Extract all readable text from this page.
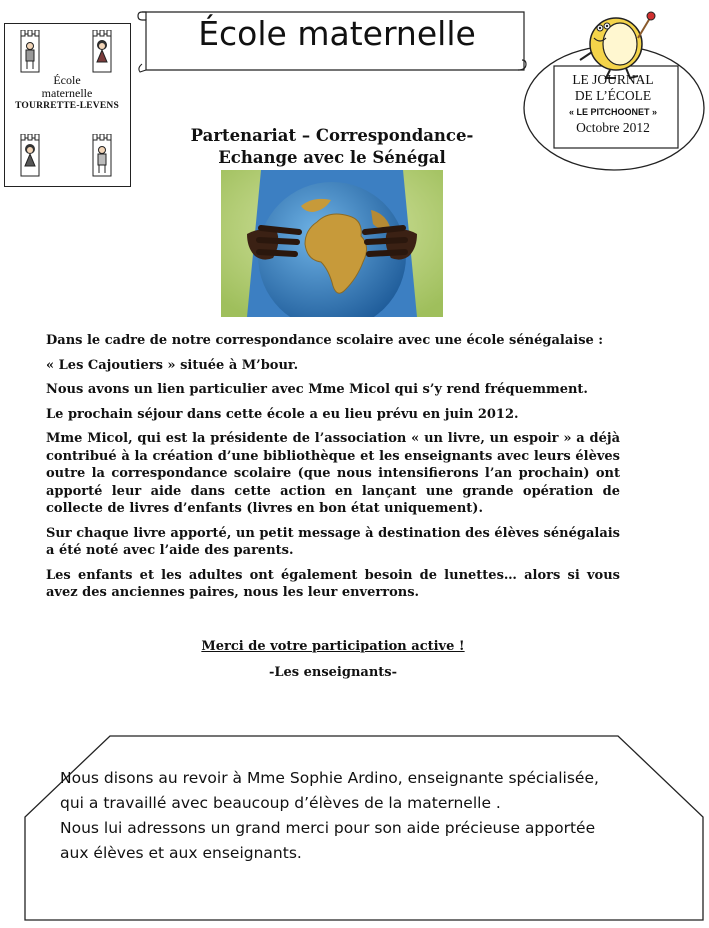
École
maternelle
TOURRETTE-LEVENS
École maternelle
LE JOURNAL
DE L’ÉCOLE
« LE PITCHOONET »
Octobre 2012
Partenariat – Correspondance-
Echange avec le Sénégal

Dans le cadre de notre correspondance scolaire avec une école sénégalaise :

« Les Cajoutiers » située à M’bour.

Nous avons un lien particulier avec Mme Micol qui s’y rend fréquemment.

Le prochain séjour dans cette école a eu lieu prévu en juin 2012.

Mme Micol, qui est la présidente de l’association « un livre, un espoir » a déjà contribué à la création d’une bibliothèque et les enseignants avec leurs élèves outre la correspondance scolaire (que nous intensifierons l’an prochain) ont apporté leur aide dans cette action en lançant une grande opération de collecte de livres d’enfants (livres en bon état uniquement).

Sur chaque livre apporté, un petit message à destination des élèves sénégalais a été noté avec l’aide des parents.

Les enfants et les adultes ont également besoin de lunettes… alors si vous avez des anciennes paires, nous les leur enverrons.

Merci de votre participation active !
-Les enseignants-
Nous disons au revoir à Mme Sophie Ardino, enseignante spécialisée,
qui a travaillé avec beaucoup d’élèves de la maternelle .
Nous lui adressons un grand merci pour son aide précieuse apportée
aux élèves et aux enseignants.
